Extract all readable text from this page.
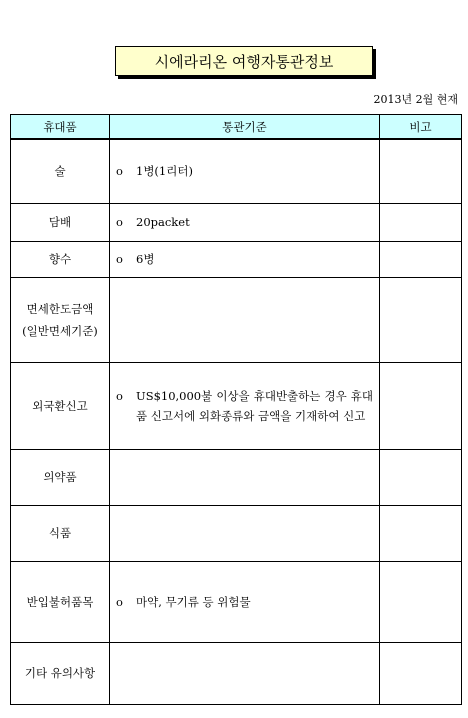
시에라리온 여행자통관정보
2013년 2월 현재
휴대품	통관기준	비고
술	o 1병(1리터)	
담배	o 20packet	
향수	o 6병	
면세한도금액
(일반면세기준)		
외국환신고	o US$10,000불 이상을 휴대반출하는 경우 휴대품 신고서에 외화종류와 금액을 기재하여 신고	

의약품		
식품		
반입불허품목	o 마약, 무기류 등 위험물	
기타 유의사항		
